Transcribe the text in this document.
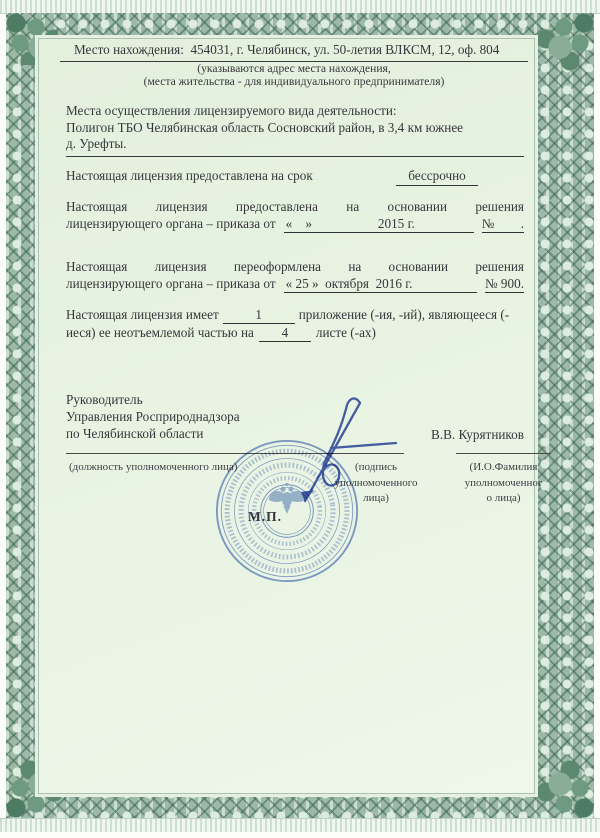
Место нахождения:  454031, г. Челябинск, ул. 50-летия ВЛКСМ, 12, оф. 804
(указываются адрес места нахождения,
(места жительства - для индивидуального предпринимателя)
Места осуществления лицензируемого вида деятельности:
Полигон ТБО Челябинская область Сосновский район, в 3,4 км южнее
д. Урефты.
Настоящая лицензия предоставлена на срок	бессрочно
Настоящая лицензия предоставлена на основании решения
лицензирующего органа – приказа от «    »                    2015 г.	№        .
Настоящая лицензия переоформлена на основании решения
лицензирующего органа – приказа от « 25 »  октября  2016 г.	№ 900.
Настоящая лицензия имеет	1	приложение (-ия, -ий), являющееся (-
иеся) ее неотъемлемой частью на 4 листе (-ах)
Руководитель
Управления Росприроднадзора
по Челябинской области	В.В. Курятников
(должность уполномоченного лица)	(подпись
уполномоченного
лица)
(И.О.Фамилия
уполномоченног
о лица)
М.П.
